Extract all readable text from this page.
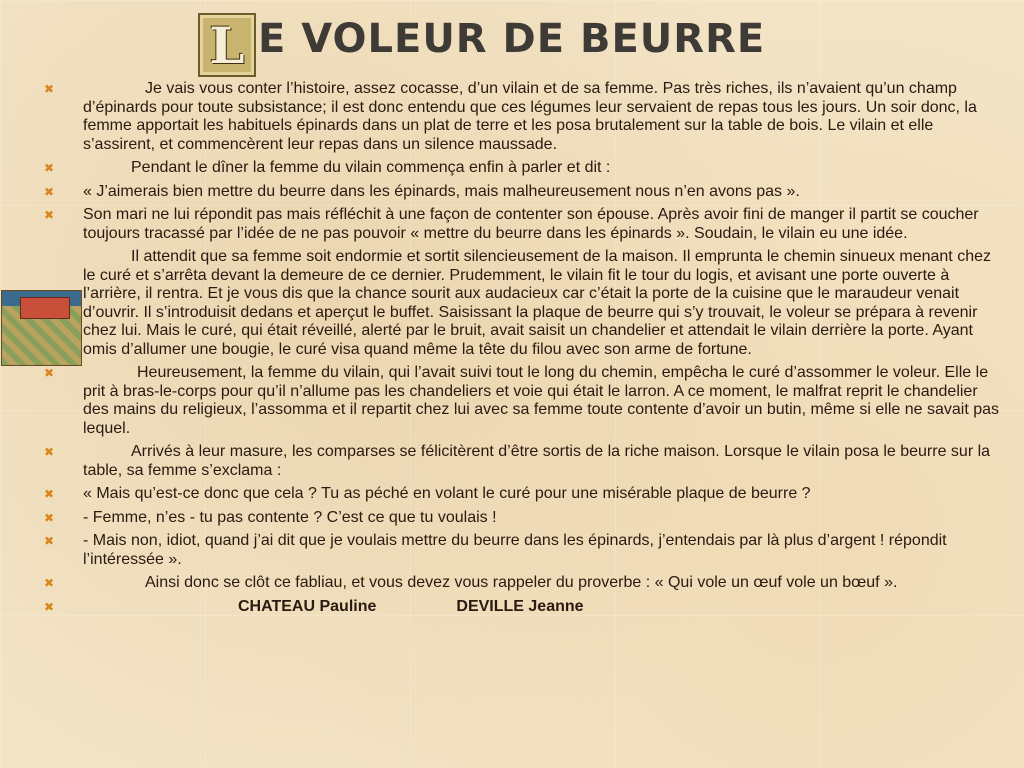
L E VOLEUR DE BEURRE
✖	Je vais vous conter l’histoire, assez cocasse, d’un vilain et de sa femme. Pas très riches, ils n’avaient qu’un champ d’épinards pour toute subsistance; il est donc entendu que ces légumes leur servaient de repas tous les jours. Un soir donc, la femme apportait les habituels épinards dans un plat de terre et les posa brutalement sur la table de bois. Le vilain et elle s’assirent, et commencèrent leur repas dans un silence maussade.
✖	Pendant le dîner la femme du vilain commença enfin à parler et dit :
✖ « J’aimerais bien mettre du beurre dans les épinards, mais malheureusement nous n’en avons pas ».
✖ Son mari ne lui répondit pas mais réfléchit à une façon de contenter son épouse. Après avoir fini de manger il partit se coucher toujours tracassé par l’idée de ne pas pouvoir « mettre du beurre dans les épinards ». Soudain, le vilain eu une idée.
Il attendit que sa femme soit endormie et sortit silencieusement de la maison. Il emprunta le chemin sinueux menant chez le curé et s’arrêta devant la demeure de ce dernier. Prudemment, le vilain fit le tour du logis, et avisant une porte ouverte à l’arrière, il rentra. Et je vous dis que la chance sourit aux audacieux car c’était la porte de la cuisine que le maraudeur venait d’ouvrir. Il s’introduisit dedans et aperçut le buffet. Saisissant la plaque de beurre qui s’y trouvait, le voleur se prépara à revenir chez lui. Mais le curé, qui était réveillé, alerté par le bruit, avait saisit un chandelier et attendait le vilain derrière la porte. Ayant omis d’allumer une bougie, le curé visa quand même la tête du filou avec son arme de fortune.
✖	Heureusement, la femme du vilain, qui l’avait suivi tout le long du chemin, empêcha le curé d’assommer le voleur. Elle le prit à bras-le-corps pour qu’il n’allume pas les chandeliers et voie qui était le larron. A ce moment, le malfrat reprit le chandelier des mains du religieux, l’assomma et il repartit chez lui avec sa femme toute contente d’avoir un butin, même si elle ne savait pas lequel.
✖	Arrivés à leur masure, les comparses se félicitèrent d’être sortis de la riche maison. Lorsque le vilain posa le beurre sur la table, sa femme s’exclama :
✖ « Mais qu’est-ce donc que cela ? Tu as péché en volant le curé pour une misérable plaque de beurre ?
✖ - Femme, n’es - tu pas contente ? C’est ce que tu voulais !
✖ - Mais non, idiot, quand j’ai dit que je voulais mettre du beurre dans les épinards, j’entendais par là plus d’argent ! répondit l’intéressée ».
✖	Ainsi donc se clôt ce fabliau, et vous devez vous rappeler du proverbe : « Qui vole un œuf vole un bœuf ».
✖	CHATEAU Pauline	DEVILLE Jeanne
